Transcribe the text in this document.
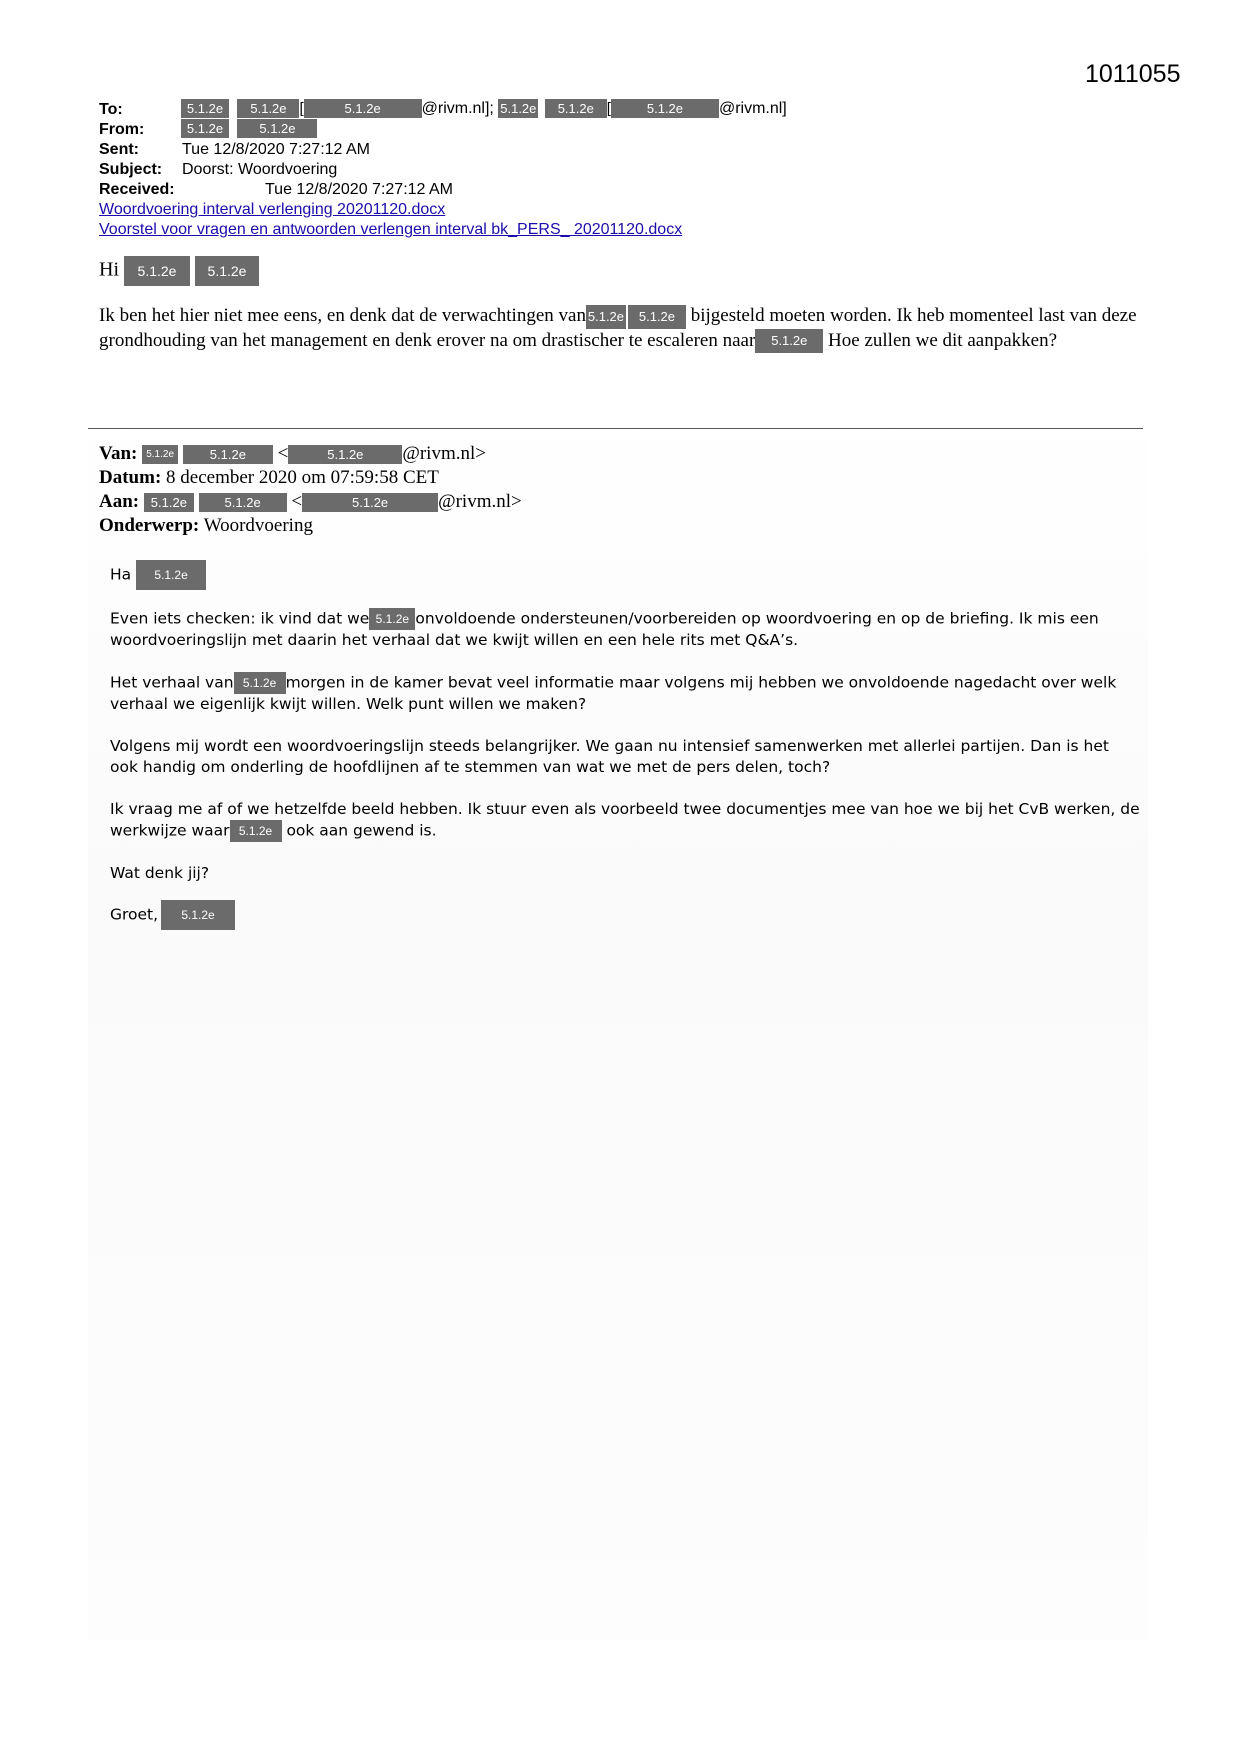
1011055
To:	5.1.2e 5.1.2e [	5.1.2e	@rivm.nl]; 5.1.2e 5.1.2e [	5.1.2e @rivm.nl]
From:	5.1.2e	5.1.2e
Sent:	Tue 12/8/2020 7:27:12 AM
Subject: Doorst: Woordvoering
Received:	Tue 12/8/2020 7:27:12 AM
Woordvoering interval verlenging 20201120.docx
Voorstel voor vragen en antwoorden verlengen interval bk_PERS_ 20201120.docx
Hi 5.1.2e 5.1.2e
Ik ben het hier niet mee eens, en denk dat de verwachtingen van 5.1.2e 5.1.2e bijgesteld moeten worden. Ik heb momenteel last van deze grondhouding van het management en denk erover na om drastischer te escaleren naar 5.1.2e Hoe zullen we dit aanpakken?
Van: 5.1.2e	5.1.2e <	5.1.2e @rivm.nl>
Datum: 8 december 2020 om 07:59:58 CET
Aan: 5.1.2e	5.1.2e <	5.1.2e	@rivm.nl>
Onderwerp: Woordvoering

Ha 5.1.2e

Even iets checken: ik vind dat we 5.1.2e onvoldoende ondersteunen/voorbereiden op woordvoering en op de briefing. Ik mis een woordvoeringslijn met daarin het verhaal dat we kwijt willen en een hele rits met Q&A’s.

Het verhaal van 5.1.2e morgen in de kamer bevat veel informatie maar volgens mij hebben we onvoldoende nagedacht over welk verhaal we eigenlijk kwijt willen. Welk punt willen we maken?

Volgens mij wordt een woordvoeringslijn steeds belangrijker. We gaan nu intensief samenwerken met allerlei partijen. Dan is het ook handig om onderling de hoofdlijnen af te stemmen van wat we met de pers delen, toch?

Ik vraag me af of we hetzelfde beeld hebben. Ik stuur even als voorbeeld twee documentjes mee van hoe we bij het CvB werken, de werkwijze waar 5.1.2e ook aan gewend is.

Wat denk jij?

Groet, 5.1.2e
